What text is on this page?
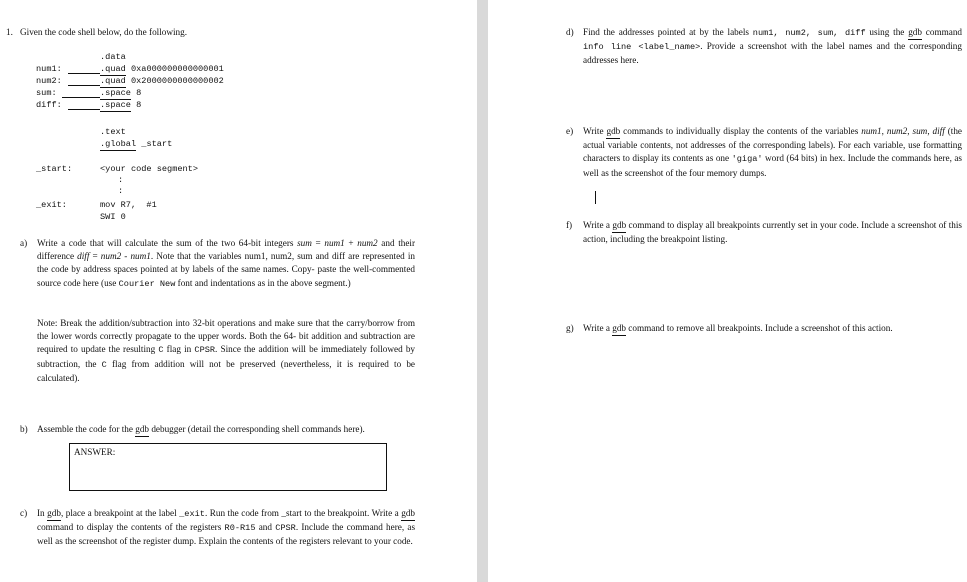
1. Given the code shell below, do the following.
.data
num1:
num2:
sum:
diff:
.quad 0xa000000000000001
.quad 0x2000000000000002
.space 8
.space 8
.text
.global _start
_start:	<your code segment>
:
:
_exit:	mov R7,  #1
SWI 0
a) Write a code that will calculate the sum of the two 64-bit integers sum = num1 + num2 and their difference diff = num2 - num1. Note that the variables num1, num2, sum and diff are represented in the code by address spaces pointed at by labels of the same names. Copy- paste the well-commented source code here (use Courier New font and indentations as in the above segment.)
Note: Break the addition/subtraction into 32-bit operations and make sure that the carry/borrow from the lower words correctly propagate to the upper words. Both the 64- bit addition and subtraction are required to update the resulting C flag in CPSR. Since the addition will be immediately followed by subtraction, the C flag from addition will not be preserved (nevertheless, it is required to be calculated).
b) Assemble the code for the gdb debugger (detail the corresponding shell commands here).
ANSWER:
c) In gdb, place a breakpoint at the label _exit. Run the code from _start to the breakpoint. Write a gdb command to display the contents of the registers R0-R15 and CPSR. Include the command here, as well as the screenshot of the register dump. Explain the contents of the registers relevant to your code.
d) Find the addresses pointed at by the labels num1, num2, sum, diff using the gdb command info line <label_name>. Provide a screenshot with the label names and the corresponding addresses here.
e) Write gdb commands to individually display the contents of the variables num1, num2, sum, diff (the actual variable contents, not addresses of the corresponding labels). For each variable, use formatting characters to display its contents as one 'giga' word (64 bits) in hex. Include the commands here, as well as the screenshot of the four memory dumps.
f) Write a gdb command to display all breakpoints currently set in your code. Include a screenshot of this action, including the breakpoint listing.
g) Write a gdb command to remove all breakpoints. Include a screenshot of this action.
